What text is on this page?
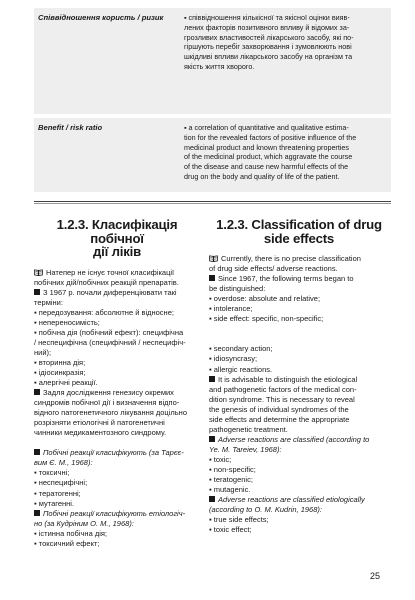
Співвідношення користь / ризик	▪ співвідношення кількісної та якісної оцінки вияв-
лених факторів позитивного впливу й відомих за-
грозливих властивостей лікарського засобу, які по-
гіршують перебіг захворювання і зумовлюють нові
шкідливі впливи лікарського засобу на організм та
якість життя хворого.
Benefit / risk ratio	▪ a correlation of quantitative and qualitative estima-
tion for the revealed factors of positive influence of the
medicinal product and known threatening properties
of the medicinal product, which aggravate the course
of the disease and cause new harmful effects of the
drug on the body and quality of life of the patient.
1.2.3. Класифікація побічної
дії ліків
Натепер не існує точної класифікації
побічних дій/побічних реакцій препаратів.
З 1967 р. почали диференціювати такі
терміни:
▪ передозування: абсолютне й відносне;
▪ непереносимість;
▪ побічна дія (побічний ефект): специфічна
/ неспецифічна (специфічний / неспецифіч-
ний);
▪ вторинна дія;
▪ ідіосинкразія;
▪ алергічні реакції.
Задля дослідження генезису окремих
синдромів побічної дії і визначення відпо-
відного патогенетичного лікування доцільно
розрізняти етіологічні й патогенетичні
чинники медикаментозного синдрому.
Побічні реакції класифікують (за Тарєє-
вим Є. М., 1968):
▪ токсичні;
▪ неспецифічні;
▪ тератогенні;
▪ мутагенні.
Побічні реакції класифікують етіологіч-
но (за Кудріним О. М., 1968):
▪ істинна побічна дія;
▪ токсичний ефект;
1.2.3. Classification of drug
side effects
Currently, there is no precise classification
of drug side effects/ adverse reactions.
Since 1967, the following terms began to
be distinguished:
▪ overdose: absolute and relative;
▪ intolerance;
▪ side effect: specific, non-specific;
▪ secondary action;
▪ idiosyncrasy;
▪ allergic reactions.
It is advisable to distinguish the etiological
and pathogenetic factors of the medical con-
dition syndrome. This is necessary to reveal
the genesis of individual syndromes of the
side effects and determine the appropriate
pathogenetic treatment.
Adverse reactions are classified (according to
Ye. M. Tareiev, 1968):
▪ toxic;
▪ non-specific;
▪ teratogenic;
▪ mutagenic.
Adverse reactions are classified etiologically
(according to O. M. Kudrin, 1968):
▪ true side effects;
▪ toxic effect;
25
